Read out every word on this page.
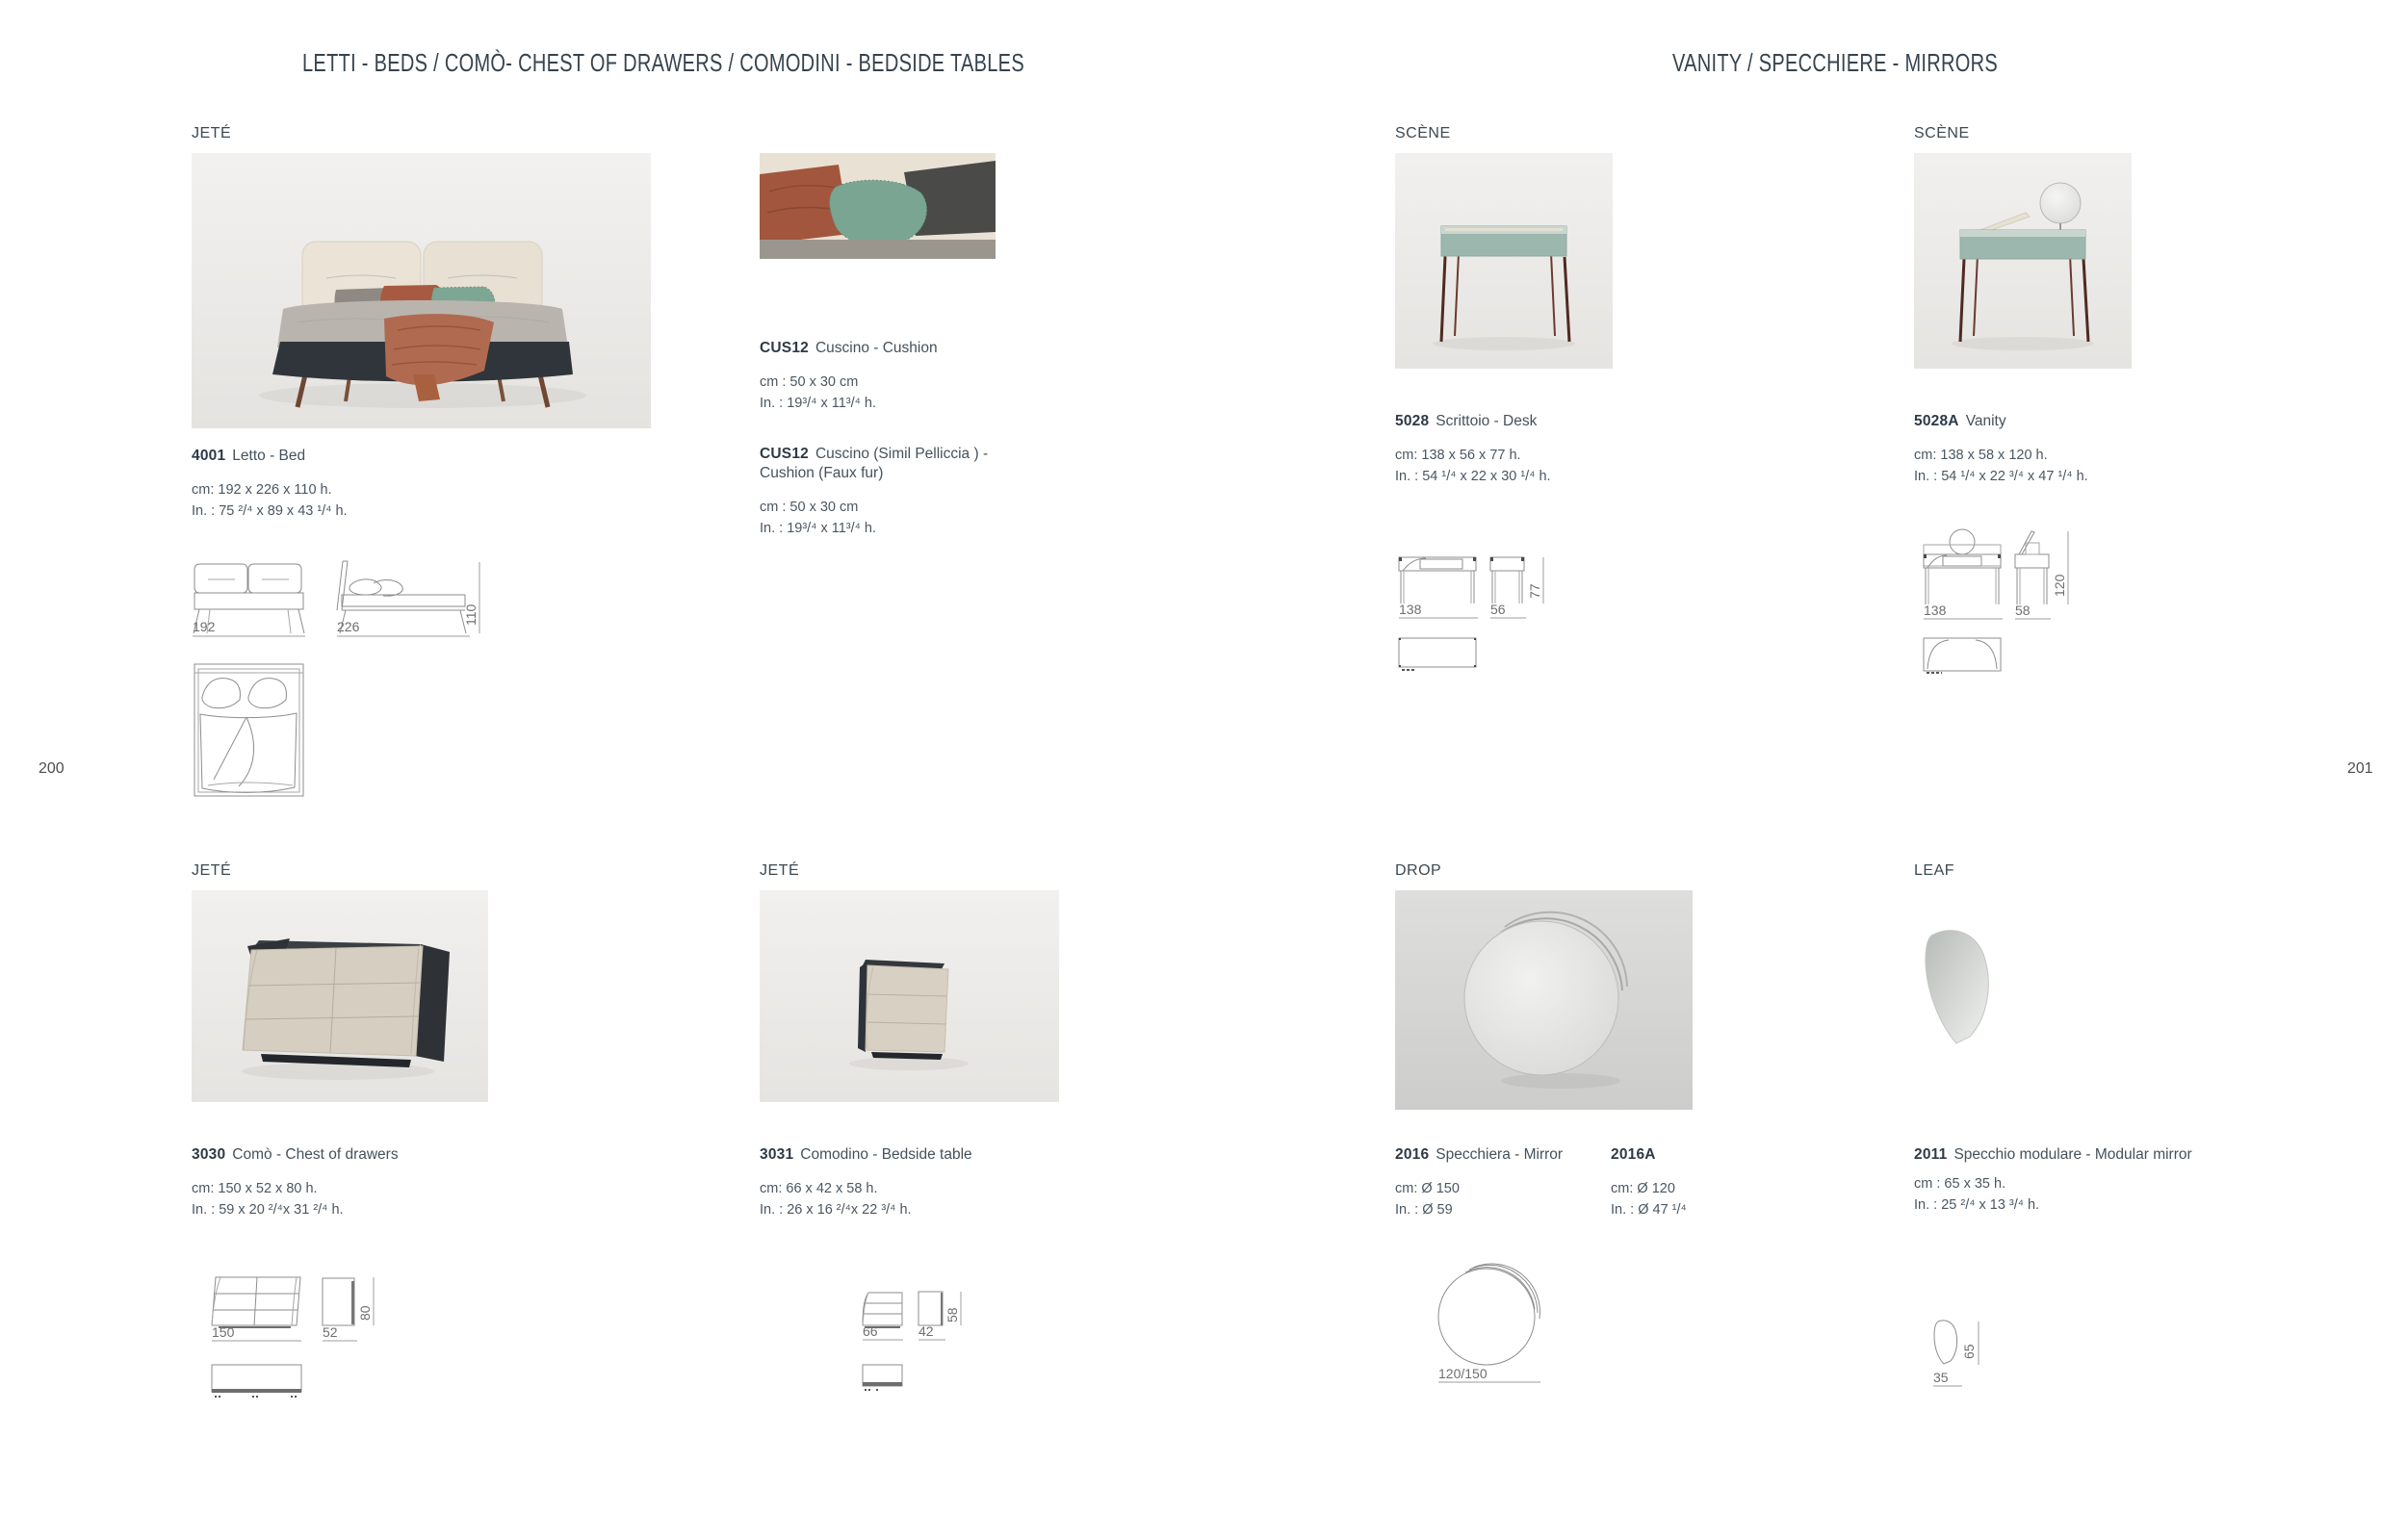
LETTI - BEDS / COMÒ- CHEST OF DRAWERS / COMODINI - BEDSIDE TABLES	VANITY / SPECCHIERE - MIRRORS
200	201
JETÉ	SCÈNE	SCÈNE
4001 Letto - Bed
cm: 192 x 226 x 110 h.
In. : 75 ²/⁴ x 89 x 43 ¹/⁴ h.
CUS12 Cuscino - Cushion
cm : 50 x 30 cm
In. : 19³/⁴ x 11³/⁴ h.
CUS12 Cuscino (Simil Pelliccia ) - Cushion (Faux fur)
cm : 50 x 30 cm
In. : 19³/⁴ x 11³/⁴ h.
5028 Scrittoio - Desk
cm: 138 x 56 x 77 h.
In. : 54 ¹/⁴ x 22 x 30 ¹/⁴ h.
5028A Vanity
cm: 138 x 58 x 120 h.
In. : 54 ¹/⁴ x 22 ³/⁴ x 47 ¹/⁴ h.
192	226
110	138	56
77
138	58
120
JETÉ	JETÉ	DROP	LEAF
3030 Comò - Chest of drawers
cm: 150 x 52 x 80 h.
In. : 59 x 20 ²/⁴x 31 ²/⁴ h.
3031 Comodino - Bedside table
cm: 66 x 42 x 58 h.
In. : 26 x 16 ²/⁴x 22 ³/⁴ h.
2016 Specchiera - Mirror
cm: Ø 150
In. : Ø 59
2016A
cm: Ø 120
In. : Ø 47 ¹/⁴
2011 Specchio modulare - Modular mirror
cm : 65 x 35 h.
In. : 25 ²/⁴ x 13 ³/⁴ h.
150	52
80
66	42
58
120/150	35
65
